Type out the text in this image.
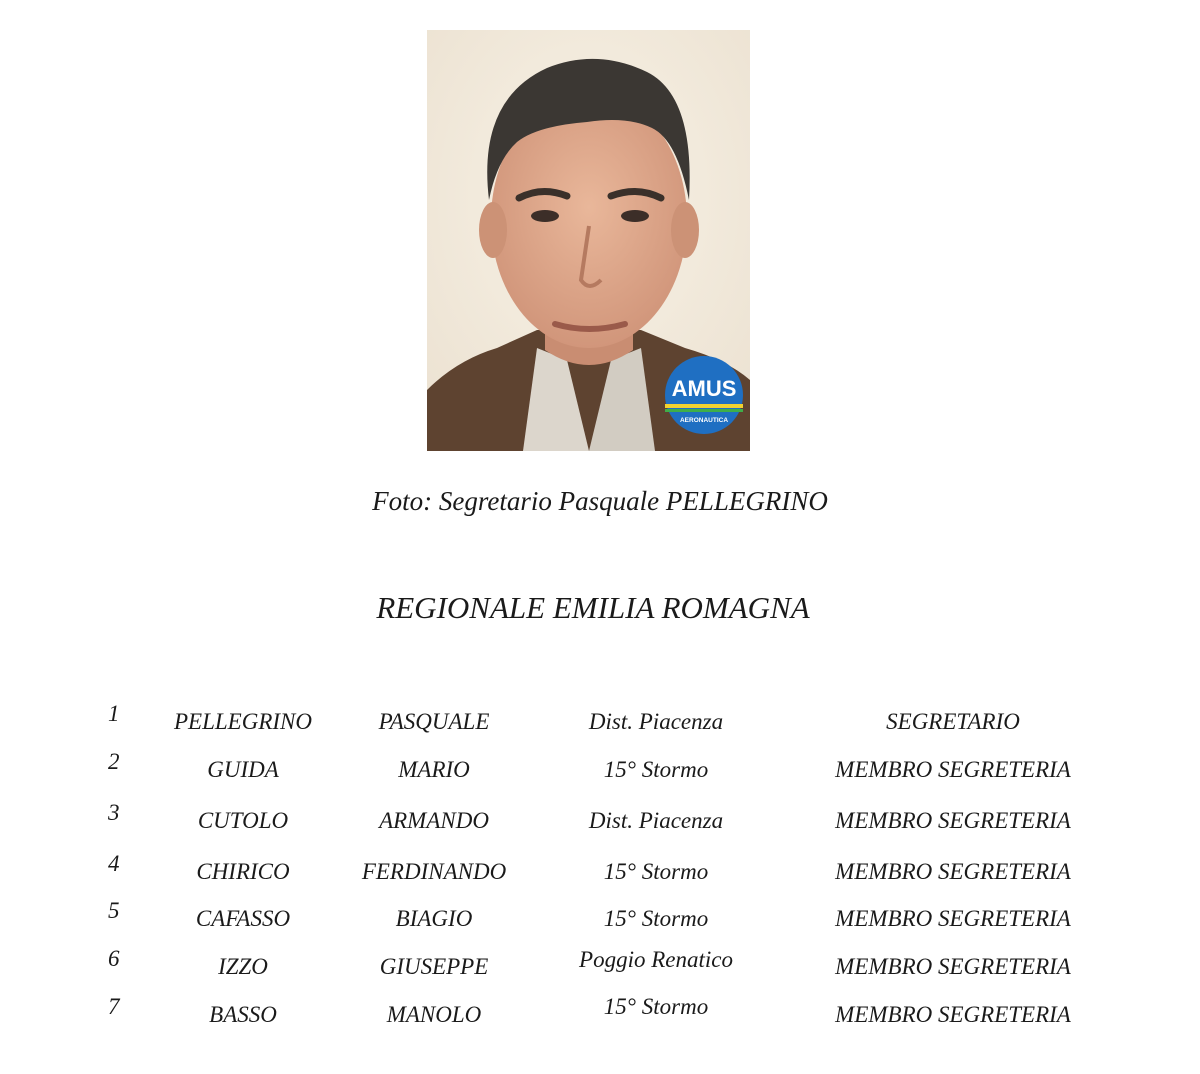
AMUS
AERONAUTICA
Foto: Segretario Pasquale PELLEGRINO
REGIONALE EMILIA ROMAGNA
1	PELLEGRINO	PASQUALE	Dist. Piacenza	SEGRETARIO
2	GUIDA	MARIO	15° Stormo	MEMBRO SEGRETERIA
3	CUTOLO	ARMANDO	Dist. Piacenza	MEMBRO SEGRETERIA
4	CHIRICO	FERDINANDO	15° Stormo	MEMBRO SEGRETERIA
5	CAFASSO	BIAGIO	15° Stormo	MEMBRO SEGRETERIA
6	IZZO	GIUSEPPE	Poggio Renatico	MEMBRO SEGRETERIA
7	BASSO	MANOLO	15° Stormo	MEMBRO SEGRETERIA
